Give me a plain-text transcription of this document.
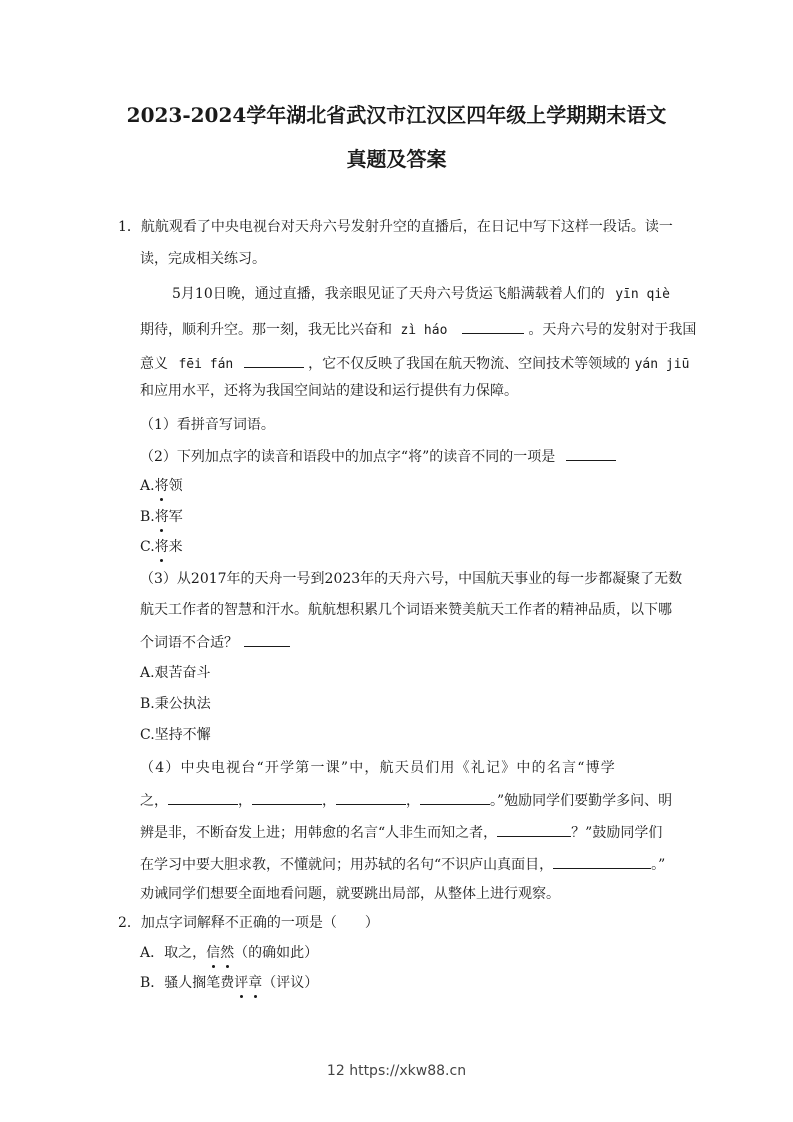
2023-2024学年湖北省武汉市江汉区四年级上学期期末语文
真题及答案

1．航航观看了中央电视台对天舟六号发射升空的直播后，在日记中写下这样一段话。读一

读，完成相关练习。

5月10日晚，通过直播，我亲眼见证了天舟六号货运飞船满载着人们的 yīn qiè

期待，顺利升空。那一刻，我无比兴奋和 zì háo	。天舟六号的发射对于我国

意义 fēi fán	，它不仅反映了我国在航天物流、空间技术等领域的 yán jiū

和应用水平，还将为我国空间站的建设和运行提供有力保障。

（1）看拼音写词语。

（2）下列加点字的读音和语段中的加点字“将”的读音不同的一项是

A.将领

B.将军

C.将来

（3）从2017年的天舟一号到2023年的天舟六号，中国航天事业的每一步都凝聚了无数

航天工作者的智慧和汗水。航航想积累几个词语来赞美航天工作者的精神品质，以下哪

个词语不合适？

A.艰苦奋斗

B.秉公执法

C.坚持不懈

（4）中央电视台“开学第一课”中，航天员们用《礼记》中的名言“博学

之，	，	，	，	。”勉励同学们要勤学多问、明

辨是非，不断奋发上进；用韩愈的名言“人非生而知之者，	？”鼓励同学们

在学习中要大胆求教，不懂就问；用苏轼的名句“不识庐山真面目，	。”

劝诫同学们想要全面地看问题，就要跳出局部，从整体上进行观察。

2．加点字词解释不正确的一项是（　　）

A．取之，信然（的确如此）

B．骚人搁笔费评章（评议）

12 https://xkw88.cn
